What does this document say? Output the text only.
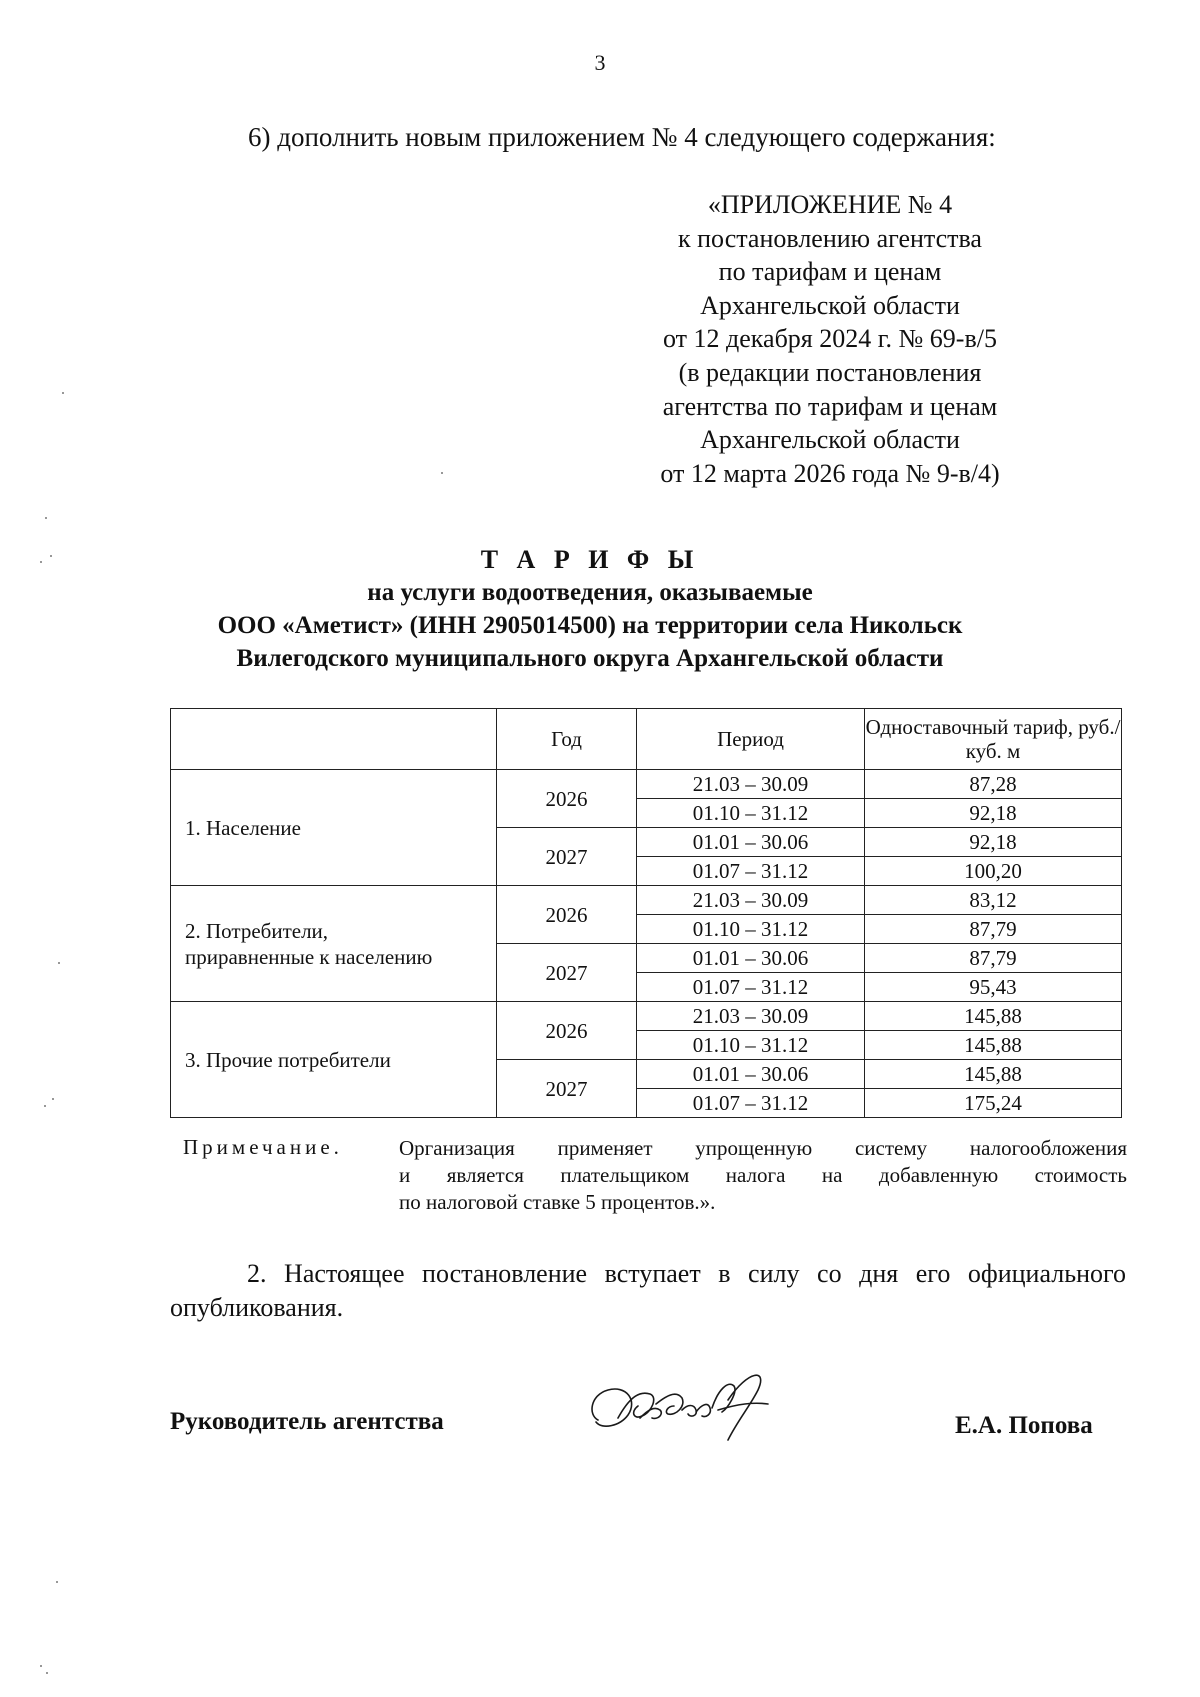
3
6) дополнить новым приложением № 4 следующего содержания:
«ПРИЛОЖЕНИЕ № 4
к постановлению агентства
по тарифам и ценам
Архангельской области
от 12 декабря 2024 г. № 69-в/5
(в редакции постановления
агентства по тарифам и ценам
Архангельской области
от 12 марта 2026 года № 9-в/4)
Т А Р И Ф Ы
на услуги водоотведения, оказываемые
ООО «Аметист» (ИНН 2905014500) на территории села Никольск
Вилегодского муниципального округа Архангельской области
	Год	Период	Одноставочный тариф, руб./куб. м
1. Население	2026	21.03 – 30.09	87,28
		01.10 – 31.12	92,18
	2027	01.01 – 30.06	92,18
		01.07 – 31.12	100,20

2. Потребители, приравненные к населению	2026	21.03 – 30.09	83,12
		01.10 – 31.12	87,79
	2027	01.01 – 30.06	87,79
		01.07 – 31.12	95,43
3. Прочие потребители	2026	21.03 – 30.09	145,88
		01.10 – 31.12	145,88
	2027	01.01 – 30.06	145,88
		01.07 – 31.12	175,24
Примечание.	Организация применяет упрощенную систему налогообложения
и является плательщиком налога на добавленную стоимость
по налоговой ставке 5 процентов.».
2. Настоящее постановление вступает в силу со дня его официального
опубликования.
Руководитель агентства	Е.А. Попова
